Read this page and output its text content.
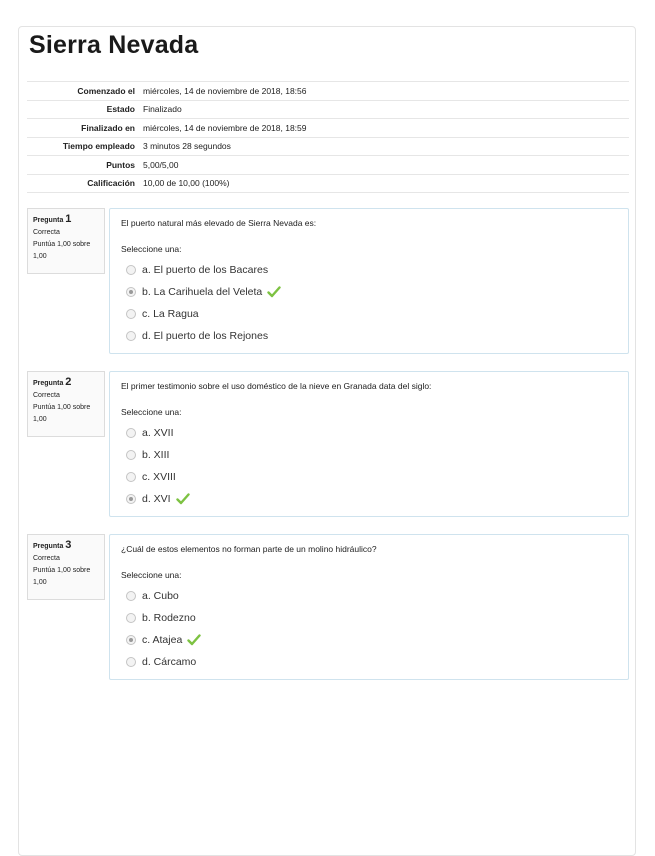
Sierra Nevada
Comenzado el	miércoles, 14 de noviembre de 2018, 18:56
Estado	Finalizado
Finalizado en	miércoles, 14 de noviembre de 2018, 18:59
Tiempo empleado	3 minutos 28 segundos
Puntos	5,00/5,00
Calificación	10,00 de 10,00 (100%)
Pregunta 1
Correcta
Puntúa 1,00 sobre 1,00
El puerto natural más elevado de Sierra Nevada es:
Seleccione una:
a. El puerto de los Bacares
b. La Carihuela del Veleta
c. La Ragua
d. El puerto de los Rejones
Pregunta 2
Correcta
Puntúa 1,00 sobre 1,00
El primer testimonio sobre el uso doméstico de la nieve en Granada data del siglo:
Seleccione una:
a. XVII
b. XIII
c. XVIII
d. XVI
Pregunta 3
Correcta
Puntúa 1,00 sobre 1,00
¿Cuál de estos elementos no forman parte de un molino hidráulico?
Seleccione una:
a. Cubo
b. Rodezno
c. Atajea
d. Cárcamo
